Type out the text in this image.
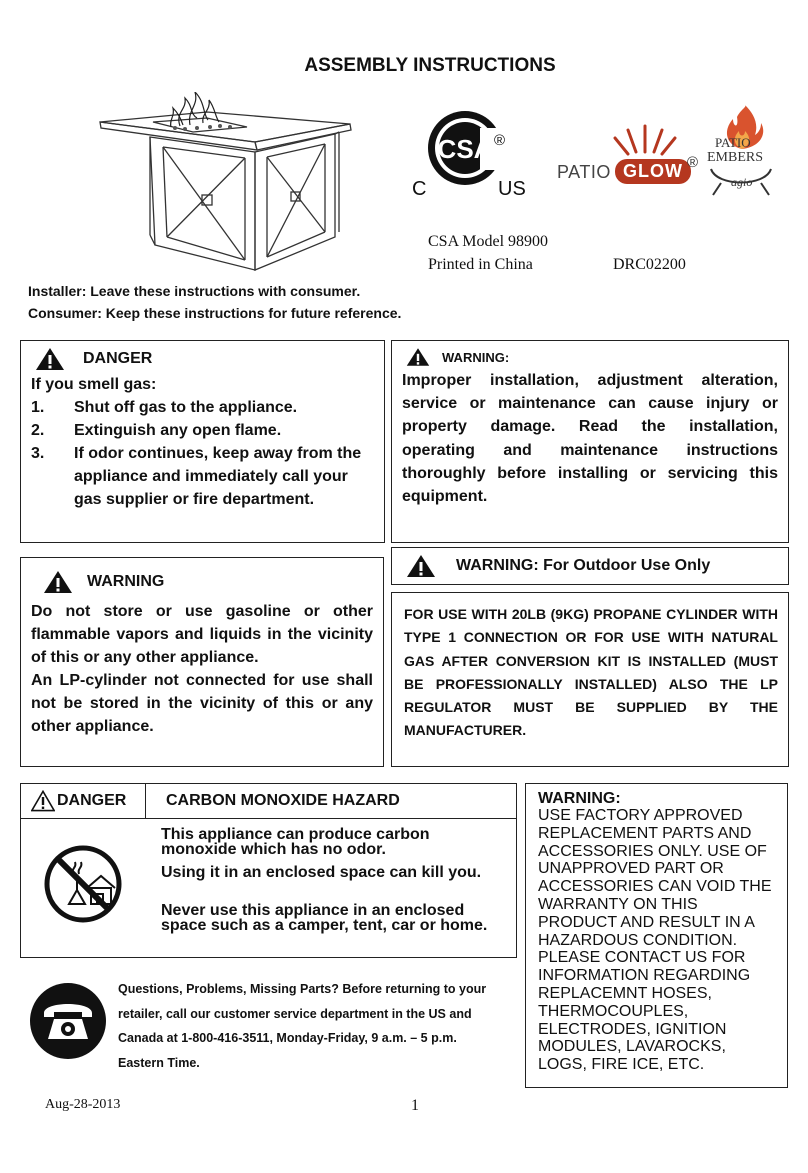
ASSEMBLY INSTRUCTIONS
CSA ®
C	US
PATIO GLOW ®
PATIO
EMBERS
agio
CSA Model 98900
Printed in China	DRC02200
Installer: Leave these instructions with consumer.
Consumer: Keep these instructions for future reference.
DANGER
If you smell gas:
1. Shut off gas to the appliance.
2. Extinguish any open flame.
3. If odor continues, keep away from the appliance and immediately call your gas supplier or fire department.
WARNING:
Improper installation, adjustment alteration, service or maintenance can cause injury or property damage. Read the installation, operating and maintenance instructions thoroughly before installing or servicing this equipment.
WARNING
Do not store or use gasoline or other flammable vapors and liquids in the vicinity of this or any other appliance.
An LP-cylinder not connected for use shall not be stored in the vicinity of this or any other appliance.
WARNING: For Outdoor Use Only
FOR USE WITH 20LB (9KG) PROPANE CYLINDER WITH TYPE 1 CONNECTION OR FOR USE WITH NATURAL GAS AFTER CONVERSION KIT IS INSTALLED (MUST BE PROFESSIONALLY INSTALLED) ALSO THE LP REGULATOR MUST BE SUPPLIED BY THE MANUFACTURER.
DANGER CARBON MONOXIDE HAZARD
This appliance can produce carbon monoxide which has no odor.
Using it in an enclosed space can kill you.
Never use this appliance in an enclosed space such as a camper, tent, car or home.
Questions, Problems, Missing Parts? Before returning to your retailer, call our customer service department in the US and Canada at 1-800-416-3511, Monday-Friday, 9 a.m. – 5 p.m. Eastern Time.
WARNING:
USE FACTORY APPROVED REPLACEMENT PARTS AND ACCESSORIES ONLY. USE OF UNAPPROVED PART OR ACCESSORIES CAN VOID THE WARRANTY ON THIS PRODUCT AND RESULT IN A HAZARDOUS CONDITION. PLEASE CONTACT US FOR INFORMATION REGARDING REPLACEMNT HOSES, THERMOCOUPLES, ELECTRODES, IGNITION MODULES, LAVAROCKS, LOGS, FIRE ICE, ETC.
Aug-28-2013	1
